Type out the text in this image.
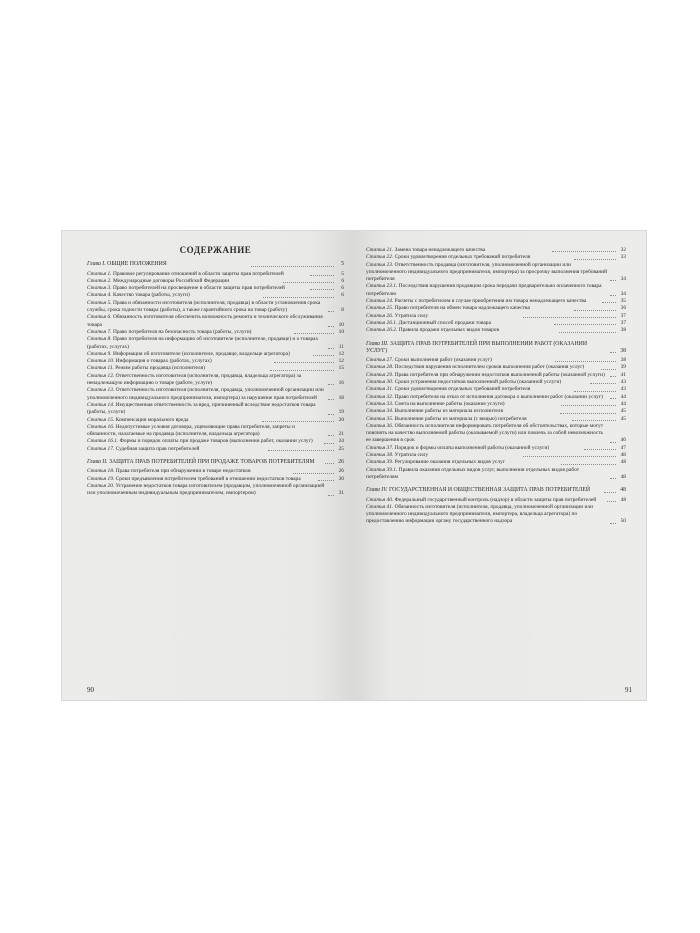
СОДЕРЖАНИЕ
Глава I. ОБЩИЕ ПОЛОЖЕНИЯ	5
Статья 1. Правовое регулирование отношений в области защиты прав потребителей	5
Статья 2. Международные договоры Российской Федерации	6
Статья 3. Право потребителей на просвещение в области защиты прав потребителей	6
Статья 4. Качество товара (работы, услуги)	6
Статья 5. Права и обязанности изготовителя (исполнителя, продавца) в области установления срока службы, срока годности товара (работы), а также гарантийного срока на товар (работу)	8
Статья 6. Обязанность изготовителя обеспечить возможность ремонта и технического обслуживания товара	10
Статья 7. Право потребителя на безопасность товара (работы, услуги)	10
Статья 8. Право потребителя на информацию об изготовителе (исполнителе, продавце) и о товарах (работах, услугах)	11
Статья 9. Информация об изготовителе (исполнителе, продавце, владельце агрегатора)	12
Статья 10. Информация о товарах (работах, услугах)	12
Статья 11. Режим работы продавца (исполнителя)	15
Статья 12. Ответственность изготовителя (исполнителя, продавца, владельца агрегатора) за ненадлежащую информацию о товаре (работе, услуге)	16
Статья 13. Ответственность изготовителя (исполнителя, продавца, уполномоченной организации или уполномоченного индивидуального предпринимателя, импортера) за нарушение прав потребителей	18
Статья 14. Имущественная ответственность за вред, причиненный вследствие недостатков товара (работы, услуги)	19
Статья 15. Компенсация морального вреда	20
Статья 16. Недопустимые условия договора, ущемляющие права потребителя, запреты и обязанности, налагаемые на продавца (исполнителя, владельца агрегатора)	21
Статья 16.1. Формы и порядок оплаты при продаже товаров (выполнении работ, оказании услуг)	24
Статья 17. Судебная защита прав потребителей	25
Глава II. ЗАЩИТА ПРАВ ПОТРЕБИТЕЛЕЙ ПРИ ПРОДАЖЕ ТОВАРОВ ПОТРЕБИТЕЛЯМ	26
Статья 18. Права потребителя при обнаружении в товаре недостатков	26
Статья 19. Сроки предъявления потребителем требований в отношении недостатков товара	30
Статья 20. Устранение недостатков товара изготовителем (продавцом, уполномоченной организацией или уполномоченным индивидуальным предпринимателем, импортером)	31
90
Статья 21. Замена товара ненадлежащего качества	32
Статья 22. Сроки удовлетворения отдельных требований потребителя	33
Статья 23. Ответственность продавца (изготовителя, уполномоченной организации или уполномоченного индивидуального предпринимателя, импортера) за просрочку выполнения требований потребителя	34
Статья 23.1. Последствия нарушения продавцом срока передачи предварительно оплаченного товара потребителю	34
Статья 24. Расчеты с потребителем в случае приобретения им товара ненадлежащего качества	35
Статья 25. Право потребителя на обмен товара надлежащего качества	36
Статья 26. Утратила силу	37
Статья 26.1. Дистанционный способ продажи товара	37
Статья 26.2. Правила продажи отдельных видов товаров	38
Глава III. ЗАЩИТА ПРАВ ПОТРЕБИТЕЛЕЙ ПРИ ВЫПОЛНЕНИИ РАБОТ (ОКАЗАНИИ УСЛУГ)	38
Статья 27. Сроки выполнения работ (оказания услуг)	38
Статья 28. Последствия нарушения исполнителем сроков выполнения работ (оказания услуг)	39
Статья 29. Права потребителя при обнаружении недостатков выполненной работы (оказанной услуги)	41
Статья 30. Сроки устранения недостатков выполненной работы (оказанной услуги)	43
Статья 31. Сроки удовлетворения отдельных требований потребителя	43
Статья 32. Право потребителя на отказ от исполнения договора о выполнении работ (оказании услуг)	44
Статья 33. Смета на выполнение работы (оказание услуги)	44
Статья 34. Выполнение работы из материала исполнителя	45
Статья 35. Выполнение работы из материала (с вещью) потребителя	45
Статья 36. Обязанность исполнителя информировать потребителя об обстоятельствах, которые могут повлиять на качество выполняемой работы (оказываемой услуги) или повлечь за собой невозможность ее завершения в срок	46
Статья 37. Порядок и формы оплаты выполненной работы (оказанной услуги)	47
Статья 38. Утратила силу	48
Статья 39. Регулирование оказания отдельных видов услуг	48
Статья 39.1. Правила оказания отдельных видов услуг, выполнения отдельных видов работ потребителям	48
Глава IV. ГОСУДАРСТВЕННАЯ И ОБЩЕСТВЕННАЯ ЗАЩИТА ПРАВ ПОТРЕБИТЕЛЕЙ	48
Статья 40. Федеральный государственный контроль (надзор) в области защиты прав потребителей	48
Статья 41. Обязанность изготовителя (исполнителя, продавца, уполномоченной организации или уполномоченного индивидуального предпринимателя, импортера, владельца агрегатора) по предоставлению информации органу государственного надзора	50
91
